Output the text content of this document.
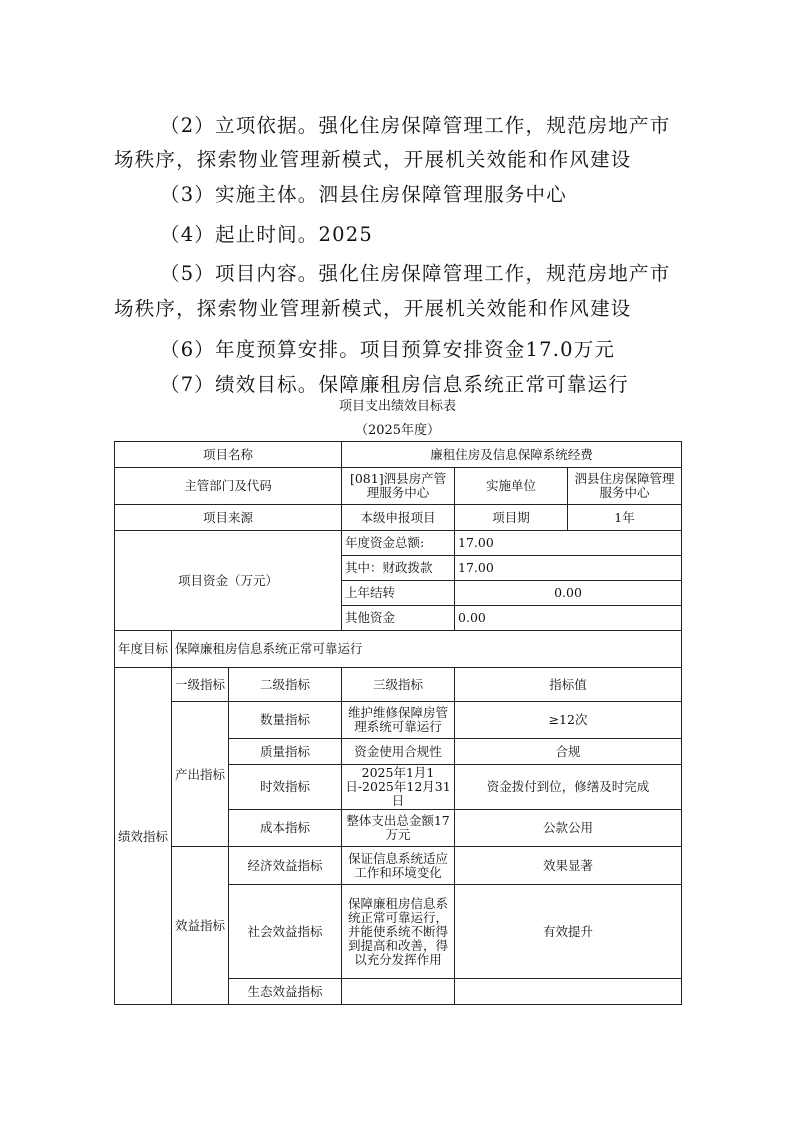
（2）立项依据。强化住房保障管理工作，规范房地产市
场秩序，探索物业管理新模式，开展机关效能和作风建设
（3）实施主体。泗县住房保障管理服务中心
（4）起止时间。2025
（5）项目内容。强化住房保障管理工作，规范房地产市
场秩序，探索物业管理新模式，开展机关效能和作风建设
（6）年度预算安排。项目预算安排资金17.0万元
（7）绩效目标。保障廉租房信息系统正常可靠运行
项目支出绩效目标表
（2025年度）
项目名称			廉租住房及信息保障系统经费		
主管部门及代码			[081]泗县房产管理服务中心	实施单位	泗县住房保障管理服务中心
项目来源			本级申报项目	项目期	1年
项目资金（万元）			年度资金总额:	17.00	
			其中：财政拨款	17.00	
			上年结转	0.00	
			其他资金	0.00	
年度目标	保障廉租房信息系统正常可靠运行				
绩效指标	一级指标	二级指标	三级指标	指标值	
	产出指标	数量指标	维护维修保障房管理系统可靠运行	≥12次	
		质量指标	资金使用合规性	合规	
		时效指标	2025年1月1日-2025年12月31日	资金拨付到位，修缮及时完成	
		成本指标	整体支出总金额17万元	公款公用	
	效益指标	经济效益指标	保证信息系统适应工作和环境变化	效果显著	
		社会效益指标	保障廉租房信息系统正常可靠运行，并能使系统不断得到提高和改善，得以充分发挥作用	有效提升	
		生态效益指标			
